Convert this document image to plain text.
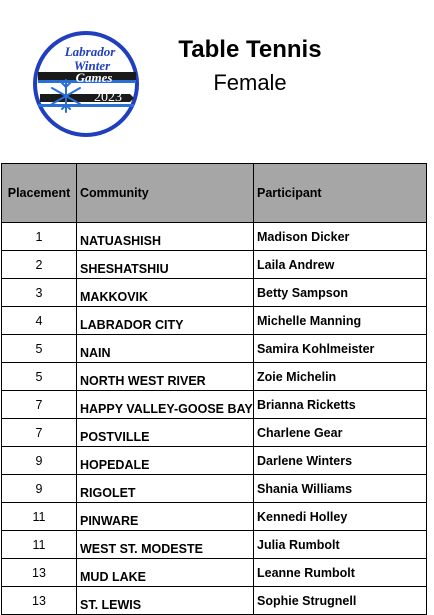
Labrador
Winter
Games
2023
Table Tennis
Female
Placement	Community	Participant
1	NATUASHISH	Madison Dicker
2	SHESHATSHIU	Laila Andrew
3	MAKKOVIK	Betty Sampson
4	LABRADOR CITY	Michelle Manning
5	NAIN	Samira Kohlmeister
5	NORTH WEST RIVER	Zoie Michelin
7	HAPPY VALLEY-GOOSE BAY	Brianna Ricketts
7	POSTVILLE	Charlene Gear
9	HOPEDALE	Darlene Winters
9	RIGOLET	Shania Williams
11	PINWARE	Kennedi Holley
11	WEST ST. MODESTE	Julia Rumbolt
13	MUD LAKE	Leanne Rumbolt
13	ST. LEWIS	Sophie Strugnell
